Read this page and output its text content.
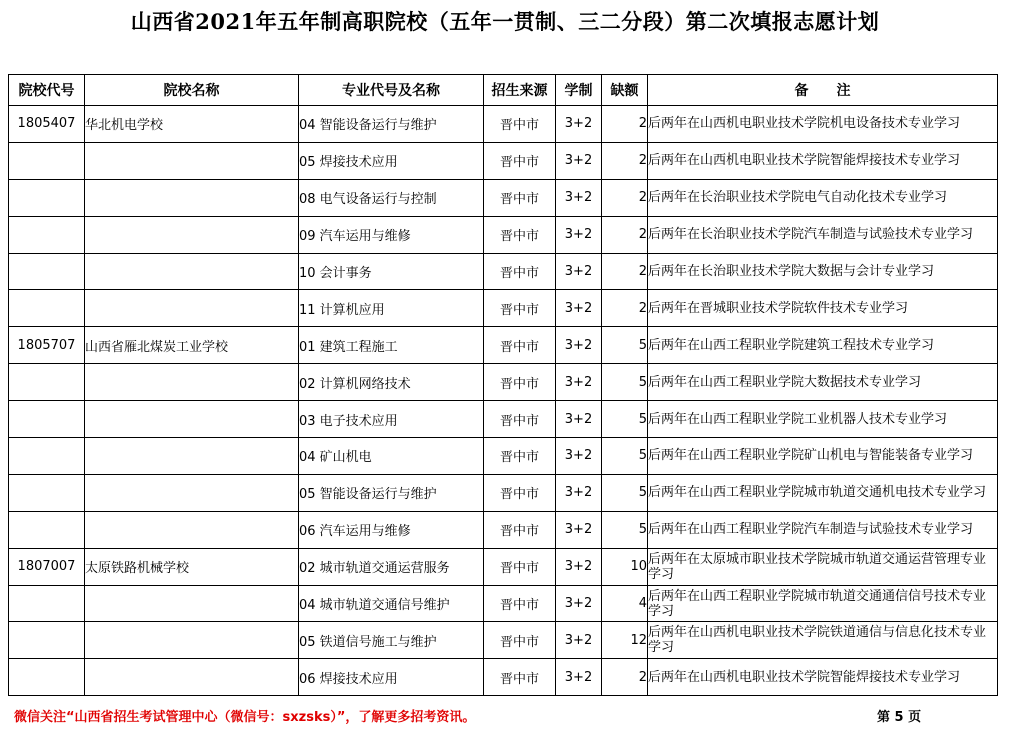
山西省2021年五年制高职院校（五年一贯制、三二分段）第二次填报志愿计划
院校代号	院校名称	专业代号及名称	招生来源	学制	缺额	备　　注
1805407	华北机电学校	04 智能设备运行与维护	晋中市	3+2	2	后两年在山西机电职业技术学院机电设备技术专业学习
		05 焊接技术应用	晋中市	3+2	2	后两年在山西机电职业技术学院智能焊接技术专业学习
		08 电气设备运行与控制	晋中市	3+2	2	后两年在长治职业技术学院电气自动化技术专业学习
		09 汽车运用与维修	晋中市	3+2	2	后两年在长治职业技术学院汽车制造与试验技术专业学习
		10 会计事务	晋中市	3+2	2	后两年在长治职业技术学院大数据与会计专业学习
		11 计算机应用	晋中市	3+2	2	后两年在晋城职业技术学院软件技术专业学习
1805707	山西省雁北煤炭工业学校	01 建筑工程施工	晋中市	3+2	5	后两年在山西工程职业学院建筑工程技术专业学习
		02 计算机网络技术	晋中市	3+2	5	后两年在山西工程职业学院大数据技术专业学习
		03 电子技术应用	晋中市	3+2	5	后两年在山西工程职业学院工业机器人技术专业学习
		04 矿山机电	晋中市	3+2	5	后两年在山西工程职业学院矿山机电与智能装备专业学习
		05 智能设备运行与维护	晋中市	3+2	5	后两年在山西工程职业学院城市轨道交通机电技术专业学习
		06 汽车运用与维修	晋中市	3+2	5	后两年在山西工程职业学院汽车制造与试验技术专业学习
1807007	太原铁路机械学校	02 城市轨道交通运营服务	晋中市	3+2	10	后两年在太原城市职业技术学院城市轨道交通运营管理专业学习
		04 城市轨道交通信号维护	晋中市	3+2	4	后两年在山西工程职业学院城市轨道交通通信信号技术专业学习
		05 铁道信号施工与维护	晋中市	3+2	12	后两年在山西机电职业技术学院铁道通信与信息化技术专业学习
		06 焊接技术应用	晋中市	3+2	2	后两年在山西机电职业技术学院智能焊接技术专业学习
微信关注“山西省招生考试管理中心（微信号：sxzsks）”，了解更多招考资讯。	第 5 页
